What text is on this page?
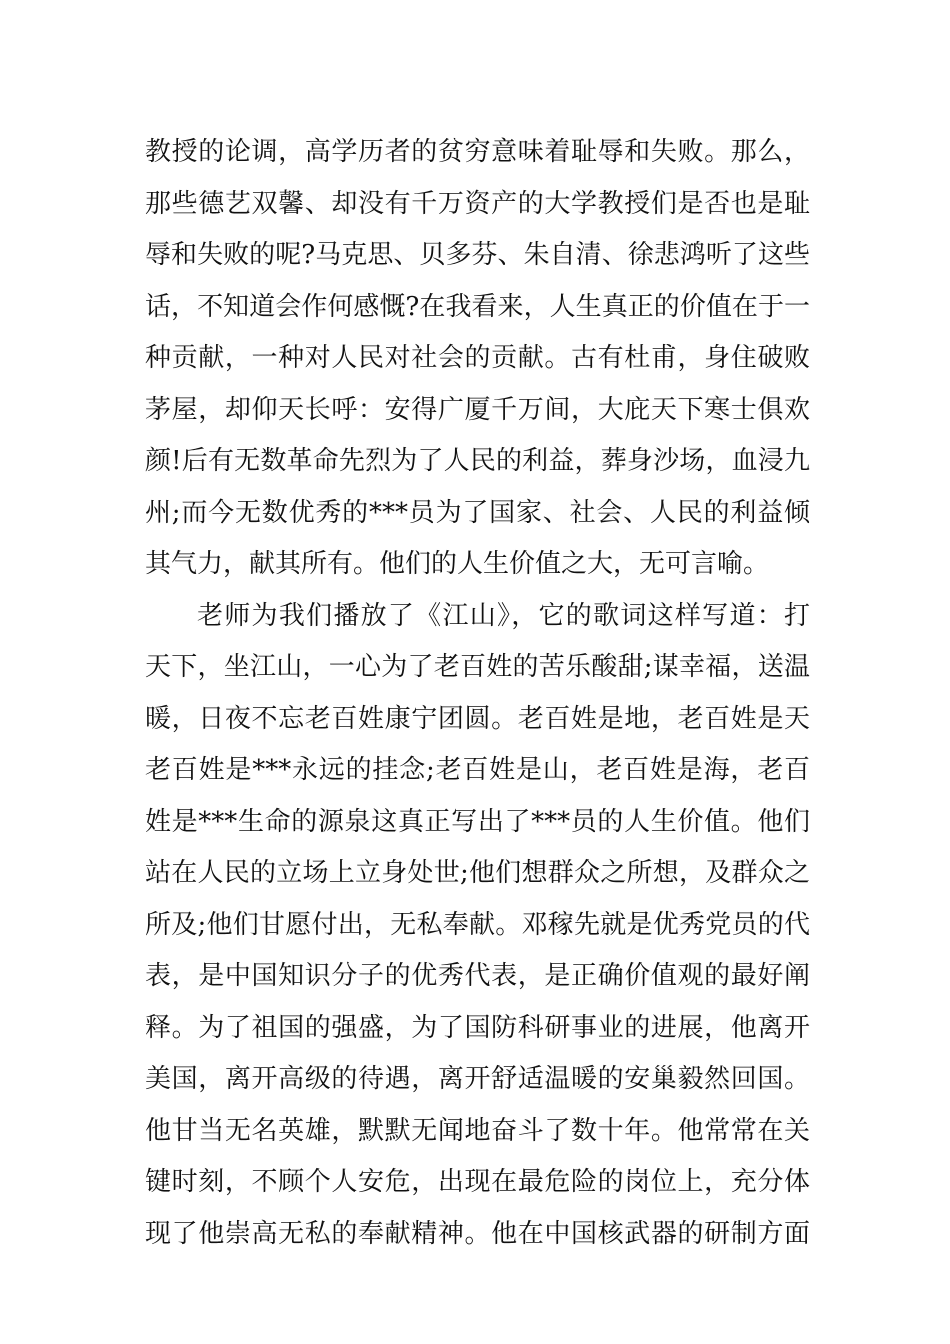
教授的论调，高学历者的贫穷意味着耻辱和失败。那么，
那些德艺双馨、却没有千万资产的大学教授们是否也是耻
辱和失败的呢?马克思、贝多芬、朱自清、徐悲鸿听了这些
话，不知道会作何感慨?在我看来，人生真正的价值在于一
种贡献，一种对人民对社会的贡献。古有杜甫，身住破败
茅屋，却仰天长呼：安得广厦千万间，大庇天下寒士俱欢
颜!后有无数革命先烈为了人民的利益，葬身沙场，血浸九
州;而今无数优秀的***员为了国家、社会、人民的利益倾
其气力，献其所有。他们的人生价值之大，无可言喻。
老师为我们播放了《江山》，它的歌词这样写道：打
天下，坐江山，一心为了老百姓的苦乐酸甜;谋幸福，送温
暖，日夜不忘老百姓康宁团圆。老百姓是地，老百姓是天
老百姓是***永远的挂念;老百姓是山，老百姓是海，老百
姓是***生命的源泉这真正写出了***员的人生价值。他们
站在人民的立场上立身处世;他们想群众之所想，及群众之
所及;他们甘愿付出，无私奉献。邓稼先就是优秀党员的代
表，是中国知识分子的优秀代表，是正确价值观的最好阐
释。为了祖国的强盛，为了国防科研事业的进展，他离开
美国，离开高级的待遇，离开舒适温暖的安巢毅然回国。
他甘当无名英雄，默默无闻地奋斗了数十年。他常常在关
键时刻，不顾个人安危，出现在最危险的岗位上，充分体
现了他崇高无私的奉献精神。他在中国核武器的研制方面
